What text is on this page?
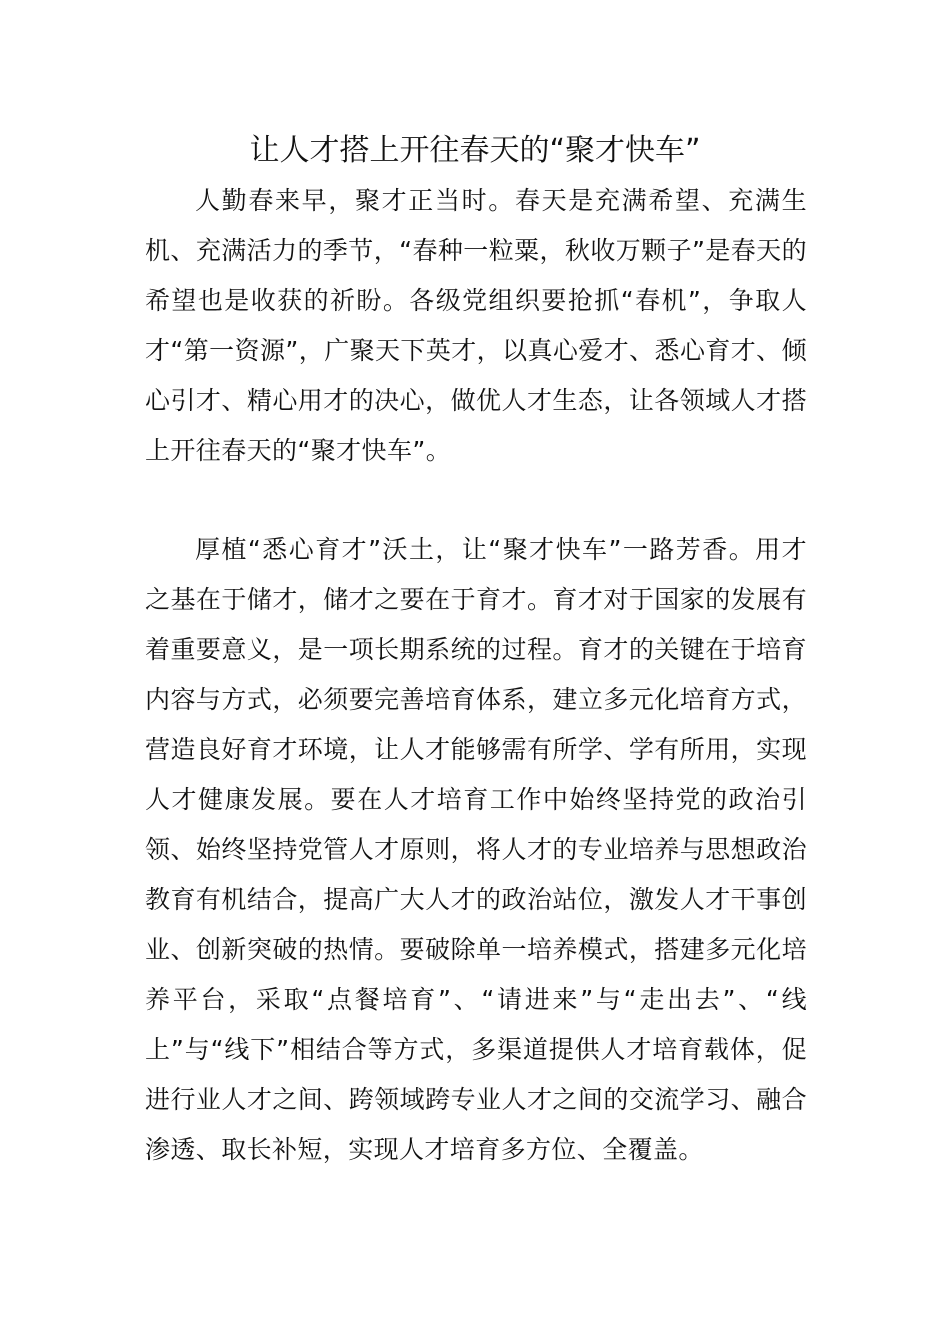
让人才搭上开往春天的“聚才快车”

人勤春来早，聚才正当时。春天是充满希望、充满生机、充满活力的季节，“春种一粒粟，秋收万颗子”是春天的希望也是收获的祈盼。各级党组织要抢抓“春机”，争取人才“第一资源”，广聚天下英才，以真心爱才、悉心育才、倾心引才、精心用才的决心，做优人才生态，让各领域人才搭上开往春天的“聚才快车”。

厚植“悉心育才”沃土，让“聚才快车”一路芳香。用才之基在于储才，储才之要在于育才。育才对于国家的发展有着重要意义，是一项长期系统的过程。育才的关键在于培育内容与方式，必须要完善培育体系，建立多元化培育方式，营造良好育才环境，让人才能够需有所学、学有所用，实现人才健康发展。要在人才培育工作中始终坚持党的政治引领、始终坚持党管人才原则，将人才的专业培养与思想政治教育有机结合，提高广大人才的政治站位，激发人才干事创业、创新突破的热情。要破除单一培养模式，搭建多元化培养平台，采取“点餐培育”、“请进来”与“走出去”、“线上”与“线下”相结合等方式，多渠道提供人才培育载体，促进行业人才之间、跨领域跨专业人才之间的交流学习、融合渗透、取长补短，实现人才培育多方位、全覆盖。
